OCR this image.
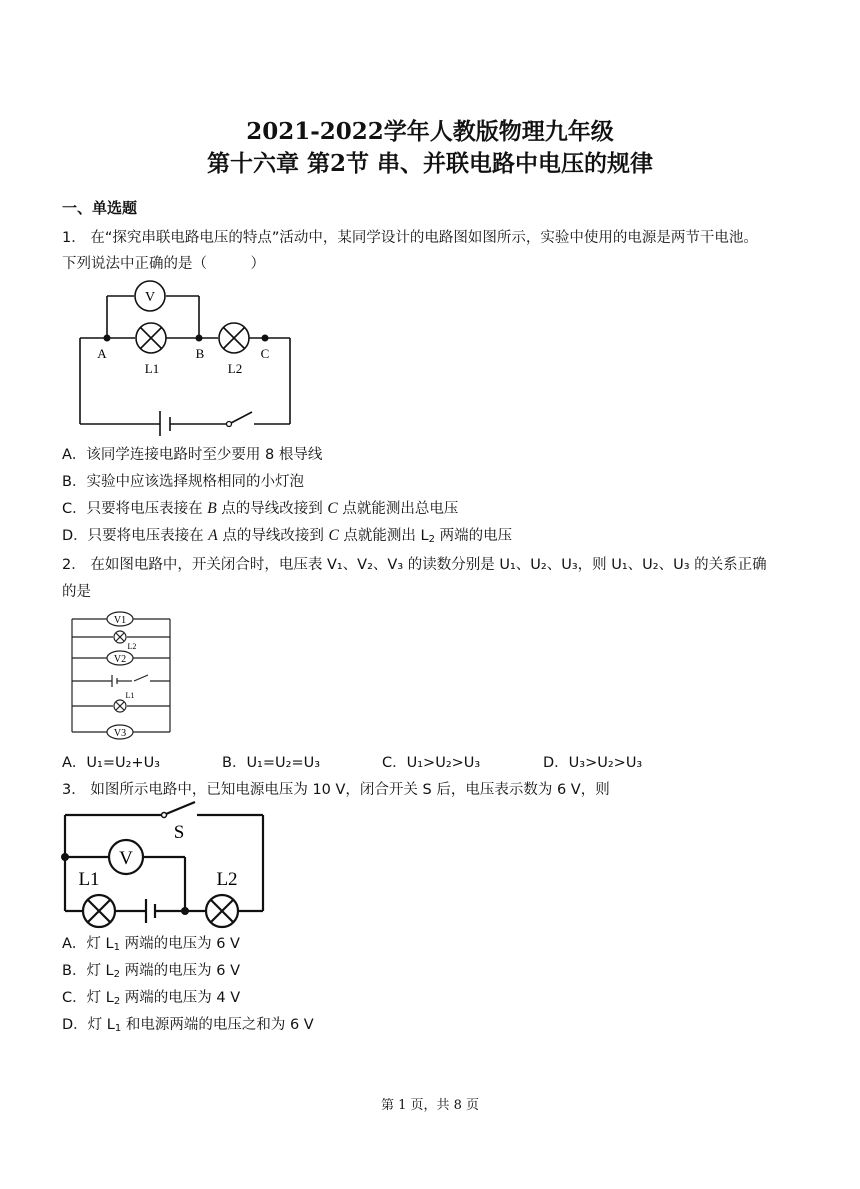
2021-2022学年人教版物理九年级
第十六章 第2节 串、并联电路中电压的规律
一、单选题
1． 在“探究串联电路电压的特点”活动中，某同学设计的电路图如图所示，实验中使用的电源是两节干电池。
下列说法中正确的是（　　　）
V
A	B	C
L1	L2
A．该同学连接电路时至少要用 8 根导线
B．实验中应该选择规格相同的小灯泡
C．只要将电压表接在 B 点的导线改接到 C 点就能测出总电压
D．只要将电压表接在 A 点的导线改接到 C 点就能测出 $L_2$ 两端的电压
2． 在如图电路中，开关闭合时，电压表 V₁、V₂、V₃ 的读数分别是 U₁、U₂、U₃，则 U₁、U₂、U₃ 的关系正确
的是
V1
L2
V2
L1
V3
A．U₁=U₂+U₃	B．U₁=U₂=U₃	C．U₁>U₂>U₃	D．U₃>U₂>U₃
3． 如图所示电路中，已知电源电压为 10 V，闭合开关 S 后，电压表示数为 6 V，则
S
V
L1	L2
A．灯 $L_1$ 两端的电压为 6 V
B．灯 $L_2$ 两端的电压为 6 V
C．灯 $L_2$ 两端的电压为 4 V
D．灯 $L_1$ 和电源两端的电压之和为 6 V
第 1 页，共 8 页
